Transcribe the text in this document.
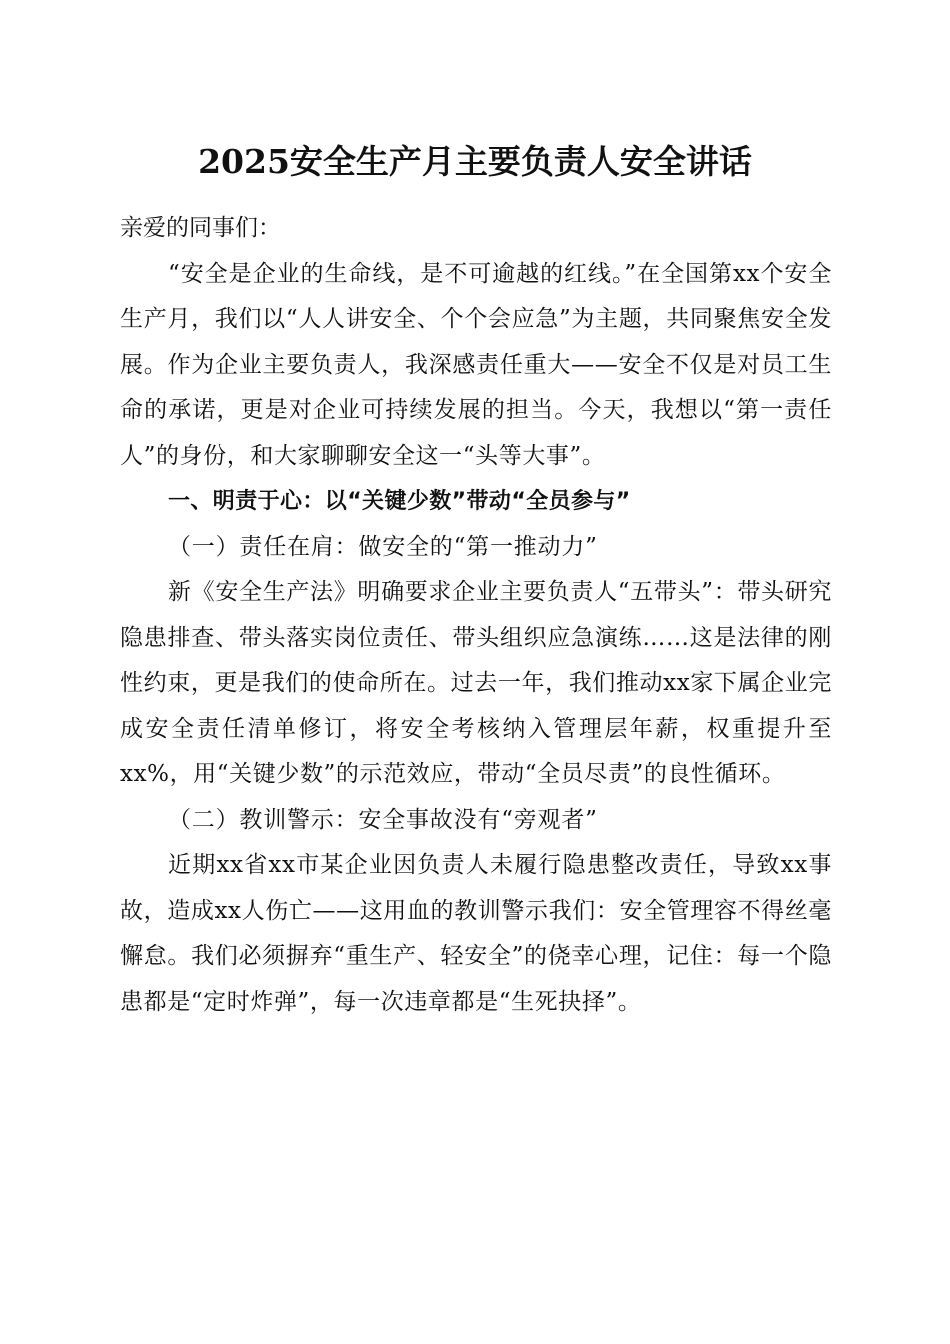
2025安全生产月主要负责人安全讲话

亲爱的同事们：

“安全是企业的生命线，是不可逾越的红线。”在全国第xx个安全生产月，我们以“人人讲安全、个个会应急”为主题，共同聚焦安全发展。作为企业主要负责人，我深感责任重大——安全不仅是对员工生命的承诺，更是对企业可持续发展的担当。今天，我想以“第一责任人”的身份，和大家聊聊安全这一“头等大事”。

一、明责于心：以“关键少数”带动“全员参与”

（一）责任在肩：做安全的“第一推动力”

新《安全生产法》明确要求企业主要负责人“五带头”：带头研究隐患排查、带头落实岗位责任、带头组织应急演练……这是法律的刚性约束，更是我们的使命所在。过去一年，我们推动xx家下属企业完成安全责任清单修订，将安全考核纳入管理层年薪，权重提升至xx%，用“关键少数”的示范效应，带动“全员尽责”的良性循环。

（二）教训警示：安全事故没有“旁观者”

近期xx省xx市某企业因负责人未履行隐患整改责任，导致xx事故，造成xx人伤亡——这用血的教训警示我们：安全管理容不得丝毫懈怠。我们必须摒弃“重生产、轻安全”的侥幸心理，记住：每一个隐患都是“定时炸弹”，每一次违章都是“生死抉择”。
